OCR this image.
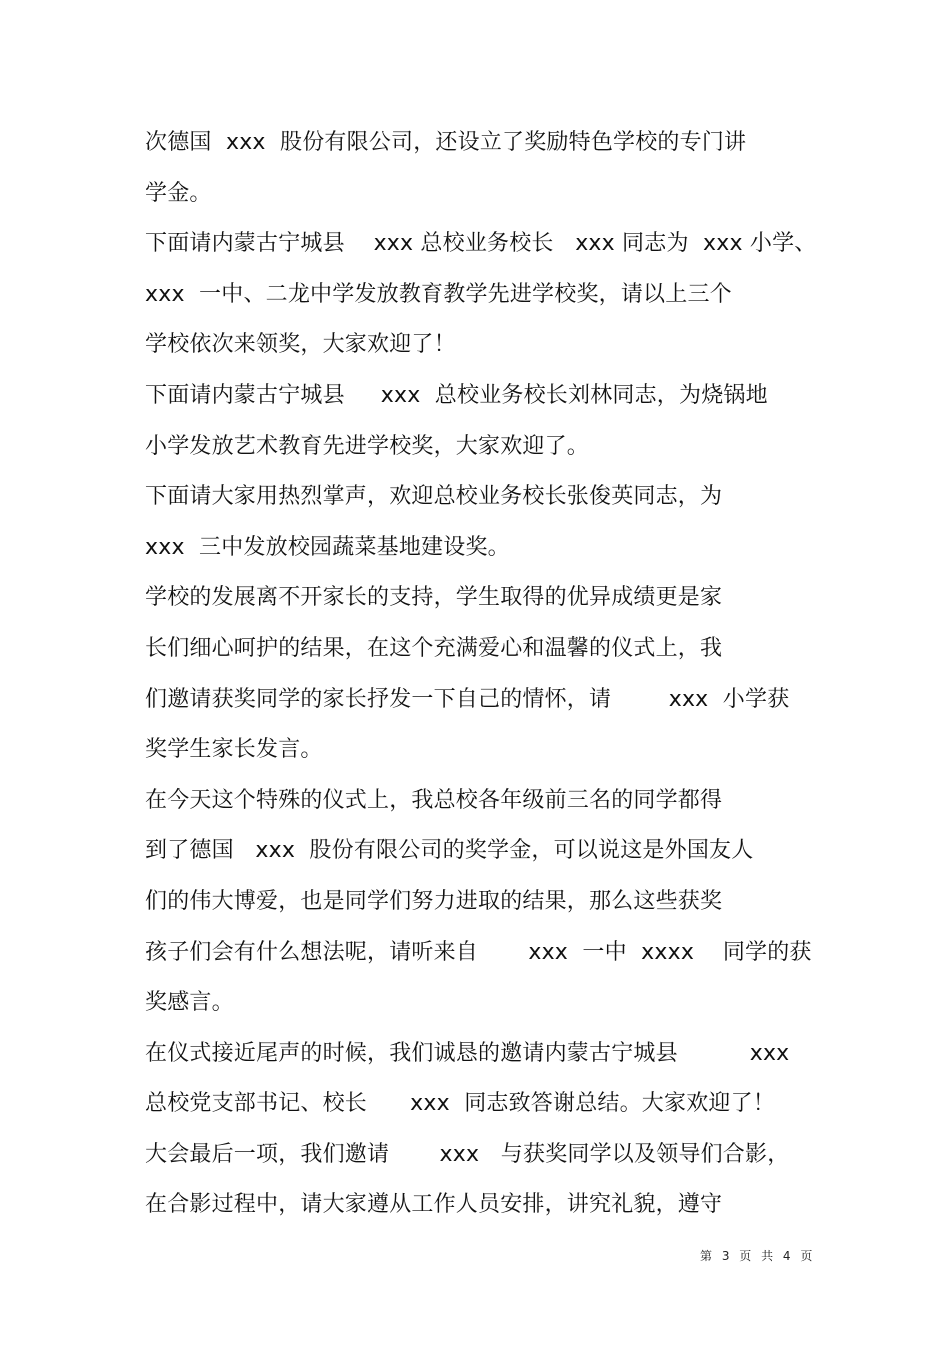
次德国  xxx  股份有限公司，还设立了奖励特色学校的专门讲
学金。
下面请内蒙古宁城县    xxx 总校业务校长   xxx 同志为  xxx 小学、
xxx  一中、二龙中学发放教育教学先进学校奖，请以上三个
学校依次来领奖，大家欢迎了！
下面请内蒙古宁城县     xxx  总校业务校长刘林同志，为烧锅地
小学发放艺术教育先进学校奖，大家欢迎了。
下面请大家用热烈掌声，欢迎总校业务校长张俊英同志，为
xxx  三中发放校园蔬菜基地建设奖。
学校的发展离不开家长的支持，学生取得的优异成绩更是家
长们细心呵护的结果，在这个充满爱心和温馨的仪式上，我
们邀请获奖同学的家长抒发一下自己的情怀，请        xxx  小学获
奖学生家长发言。
在今天这个特殊的仪式上，我总校各年级前三名的同学都得
到了德国   xxx  股份有限公司的奖学金，可以说这是外国友人
们的伟大博爱，也是同学们努力进取的结果，那么这些获奖
孩子们会有什么想法呢，请听来自       xxx  一中  xxxx    同学的获
奖感言。
在仪式接近尾声的时候，我们诚恳的邀请内蒙古宁城县          xxx
总校党支部书记、校长      xxx  同志致答谢总结。大家欢迎了！
大会最后一项，我们邀请       xxx   与获奖同学以及领导们合影，
在合影过程中，请大家遵从工作人员安排，讲究礼貌，遵守
第 3 页 共 4 页
